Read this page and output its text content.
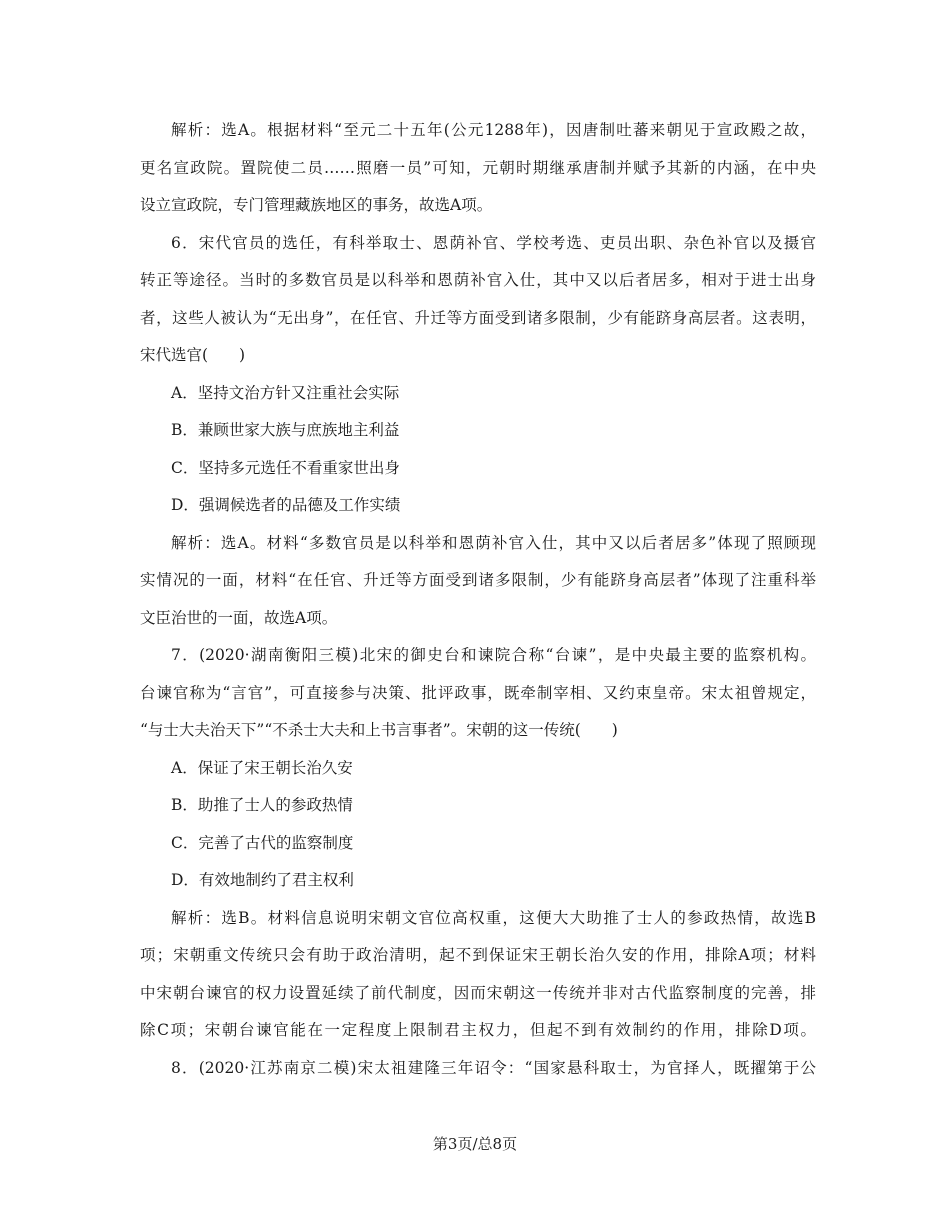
解析：选A。根据材料“至元二十五年(公元1288年)，因唐制吐蕃来朝见于宣政殿之故，

更名宣政院。置院使二员……照磨一员”可知，元朝时期继承唐制并赋予其新的内涵，在中央

设立宣政院，专门管理藏族地区的事务，故选A项。

6．宋代官员的选任，有科举取士、恩荫补官、学校考选、吏员出职、杂色补官以及摄官

转正等途径。当时的多数官员是以科举和恩荫补官入仕，其中又以后者居多，相对于进士出身

者，这些人被认为“无出身”，在任官、升迁等方面受到诸多限制，少有能跻身高层者。这表明，

宋代选官(　　)

A．坚持文治方针又注重社会实际

B．兼顾世家大族与庶族地主利益

C．坚持多元选任不看重家世出身

D．强调候选者的品德及工作实绩

解析：选A。材料“多数官员是以科举和恩荫补官入仕，其中又以后者居多”体现了照顾现

实情况的一面，材料“在任官、升迁等方面受到诸多限制，少有能跻身高层者”体现了注重科举

文臣治世的一面，故选A项。

7．(2020·湖南衡阳三模)北宋的御史台和谏院合称“台谏”，是中央最主要的监察机构。

台谏官称为“言官”，可直接参与决策、批评政事，既牵制宰相、又约束皇帝。宋太祖曾规定，

“与士大夫治天下”“不杀士大夫和上书言事者”。宋朝的这一传统(　　)

A．保证了宋王朝长治久安

B．助推了士人的参政热情

C．完善了古代的监察制度

D．有效地制约了君主权利

解析：选B。材料信息说明宋朝文官位高权重，这便大大助推了士人的参政热情，故选B

项；宋朝重文传统只会有助于政治清明，起不到保证宋王朝长治久安的作用，排除A项；材料

中宋朝台谏官的权力设置延续了前代制度，因而宋朝这一传统并非对古代监察制度的完善，排

除C项；宋朝台谏官能在一定程度上限制君主权力，但起不到有效制约的作用，排除D项。

8．(2020·江苏南京二模)宋太祖建隆三年诏令：“国家悬科取士，为官择人，既擢第于公

第3页/总8页
